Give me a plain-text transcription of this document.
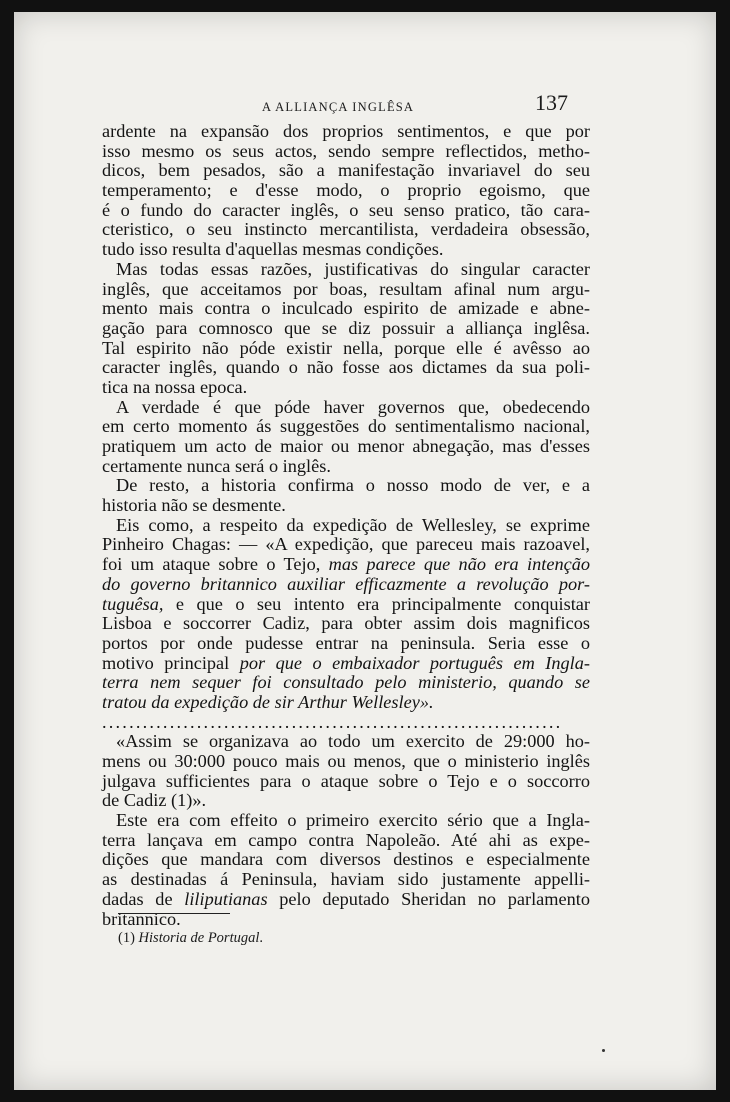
A ALLIANÇA INGLÊSA	137
ardente na expansão dos proprios sentimentos, e que por
isso mesmo os seus actos, sendo sempre reflectidos, metho-
dicos, bem pesados, são a manifestação invariavel do seu
temperamento; e d'esse modo, o proprio egoismo, que
é o fundo do caracter inglês, o seu senso pratico, tão cara-
cteristico, o seu instincto mercantilista, verdadeira obsessão,
tudo isso resulta d'aquellas mesmas condições.
Mas todas essas razões, justificativas do singular caracter
inglês, que acceitamos por boas, resultam afinal num argu-
mento mais contra o inculcado espirito de amizade e abne-
gação para comnosco que se diz possuir a alliança inglêsa.
Tal espirito não póde existir nella, porque elle é avêsso ao
caracter inglês, quando o não fosse aos dictames da sua poli-
tica na nossa epoca.
A verdade é que póde haver governos que, obedecendo
em certo momento ás suggestões do sentimentalismo nacional,
pratiquem um acto de maior ou menor abnegação, mas d'esses
certamente nunca será o inglês.
De resto, a historia confirma o nosso modo de ver, e a
historia não se desmente.
Eis como, a respeito da expedição de Wellesley, se exprime
Pinheiro Chagas: — «A expedição, que pareceu mais razoavel,
foi um ataque sobre o Tejo, mas parece que não era intenção
do governo britannico auxiliar efficazmente a revolução por-
tuguêsa, e que o seu intento era principalmente conquistar
Lisboa e soccorrer Cadiz, para obter assim dois magnificos
portos por onde pudesse entrar na peninsula. Seria esse o
motivo principal por que o embaixador português em Ingla-
terra nem sequer foi consultado pelo ministerio, quando se
tratou da expedição de sir Arthur Wellesley».
....................................................................
«Assim se organizava ao todo um exercito de 29:000 ho-
mens ou 30:000 pouco mais ou menos, que o ministerio inglês
julgava sufficientes para o ataque sobre o Tejo e o soccorro
de Cadiz (1)».
Este era com effeito o primeiro exercito sério que a Ingla-
terra lançava em campo contra Napoleão. Até ahi as expe-
dições que mandara com diversos destinos e especialmente
as destinadas á Peninsula, haviam sido justamente appelli-
dadas de liliputianas pelo deputado Sheridan no parlamento
britannico.
(1) Historia de Portugal.
